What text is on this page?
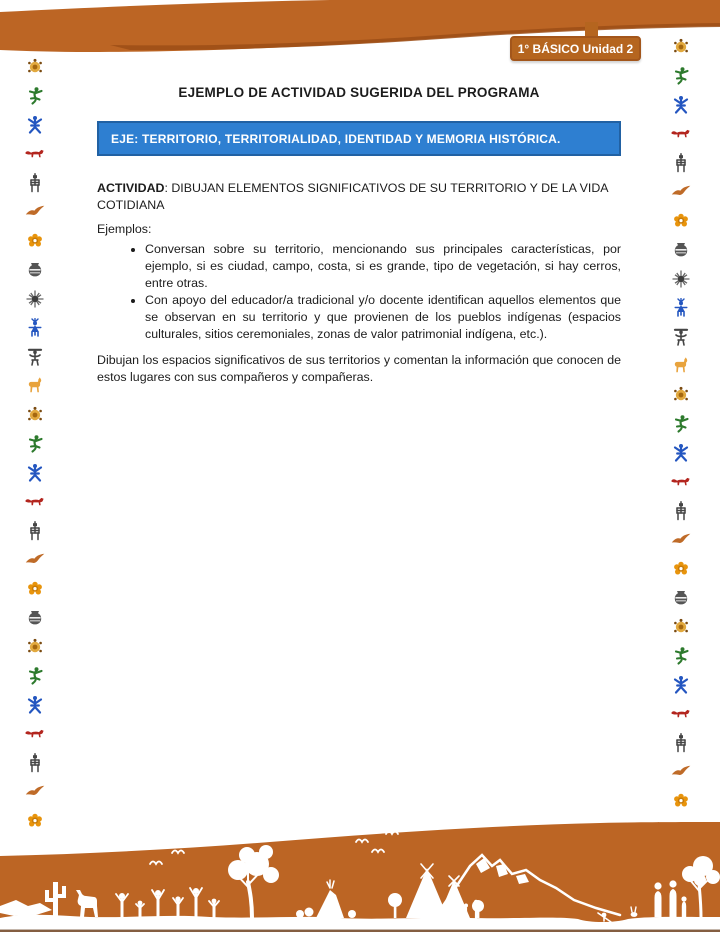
1° BÁSICO Unidad 2
EJEMPLO DE ACTIVIDAD SUGERIDA DEL PROGRAMA
EJE: TERRITORIO, TERRITORIALIDAD, IDENTIDAD Y MEMORIA HISTÓRICA.
ACTIVIDAD: DIBUJAN ELEMENTOS SIGNIFICATIVOS DE SU TERRITORIO Y DE LA VIDA COTIDIANA
Ejemplos:
• Conversan sobre su territorio, mencionando sus principales características, por ejemplo, si es ciudad, campo, costa, si es grande, tipo de vegetación, si hay cerros, entre otras.
• Con apoyo del educador/a tradicional y/o docente identifican aquellos elementos que se observan en su territorio y que provienen de los pueblos indígenas (espacios culturales, sitios ceremoniales, zonas de valor patrimonial indígena, etc.).
Dibujan los espacios significativos de sus territorios y comentan la información que conocen de estos lugares con sus compañeros y compañeras.
